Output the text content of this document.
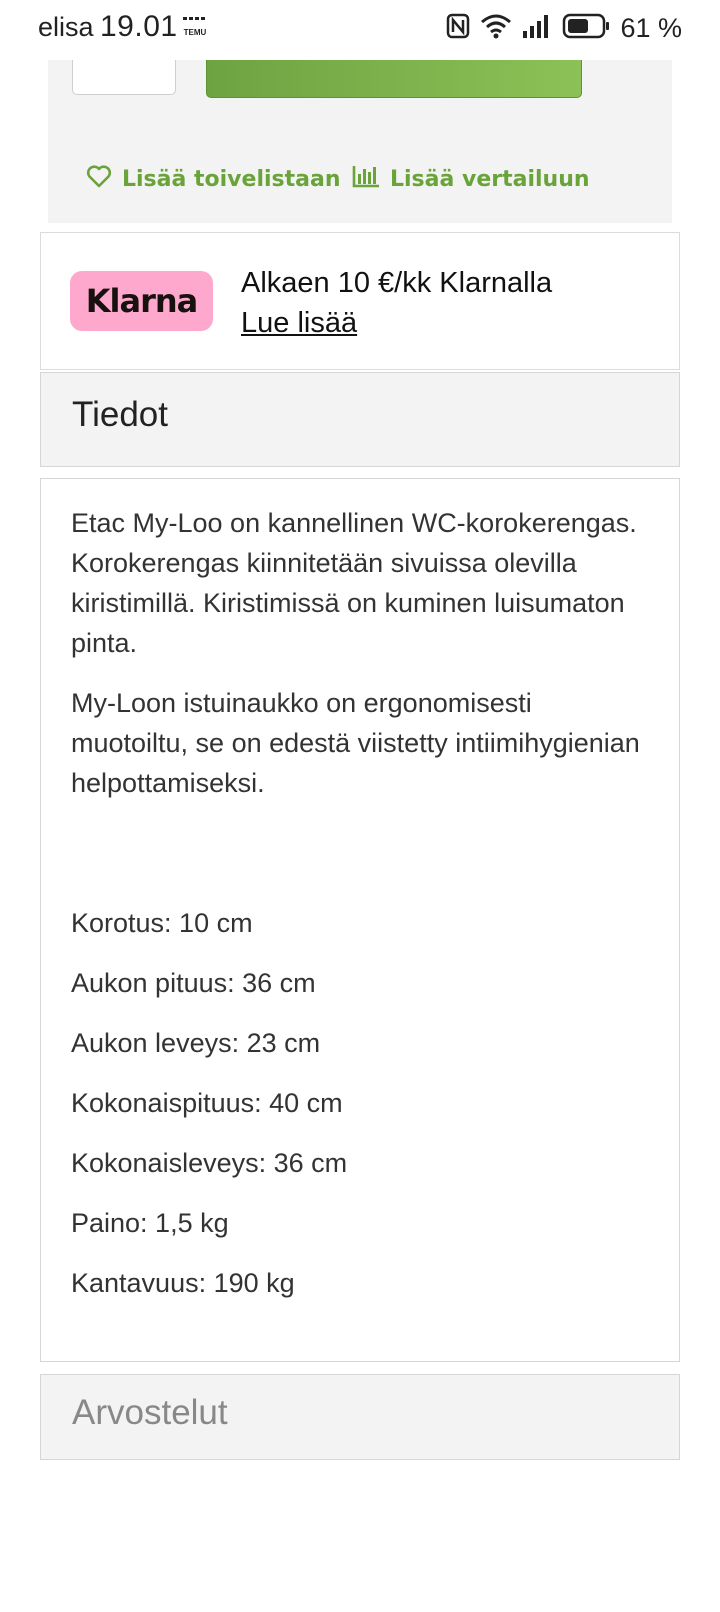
elisa 19.01 TEMU	61 %
Lisää toivelistaan Lisää vertailuun
Klarna	Alkaen 10 €/kk Klarnalla
Lue lisää
Tiedot

Etac My-Loo on kannellinen WC-korokerengas. Korokerengas kiinnitetään sivuissa olevilla kiristimillä. Kiristimissä on kuminen luisumaton pinta.

My-Loon istuinaukko on ergonomisesti muotoiltu, se on edestä viistetty intiimihygienian helpottamiseksi.

Korotus: 10 cm

Aukon pituus: 36 cm

Aukon leveys: 23 cm

Kokonaispituus: 40 cm

Kokonaisleveys: 36 cm

Paino: 1,5 kg

Kantavuus: 190 kg

Arvostelut
